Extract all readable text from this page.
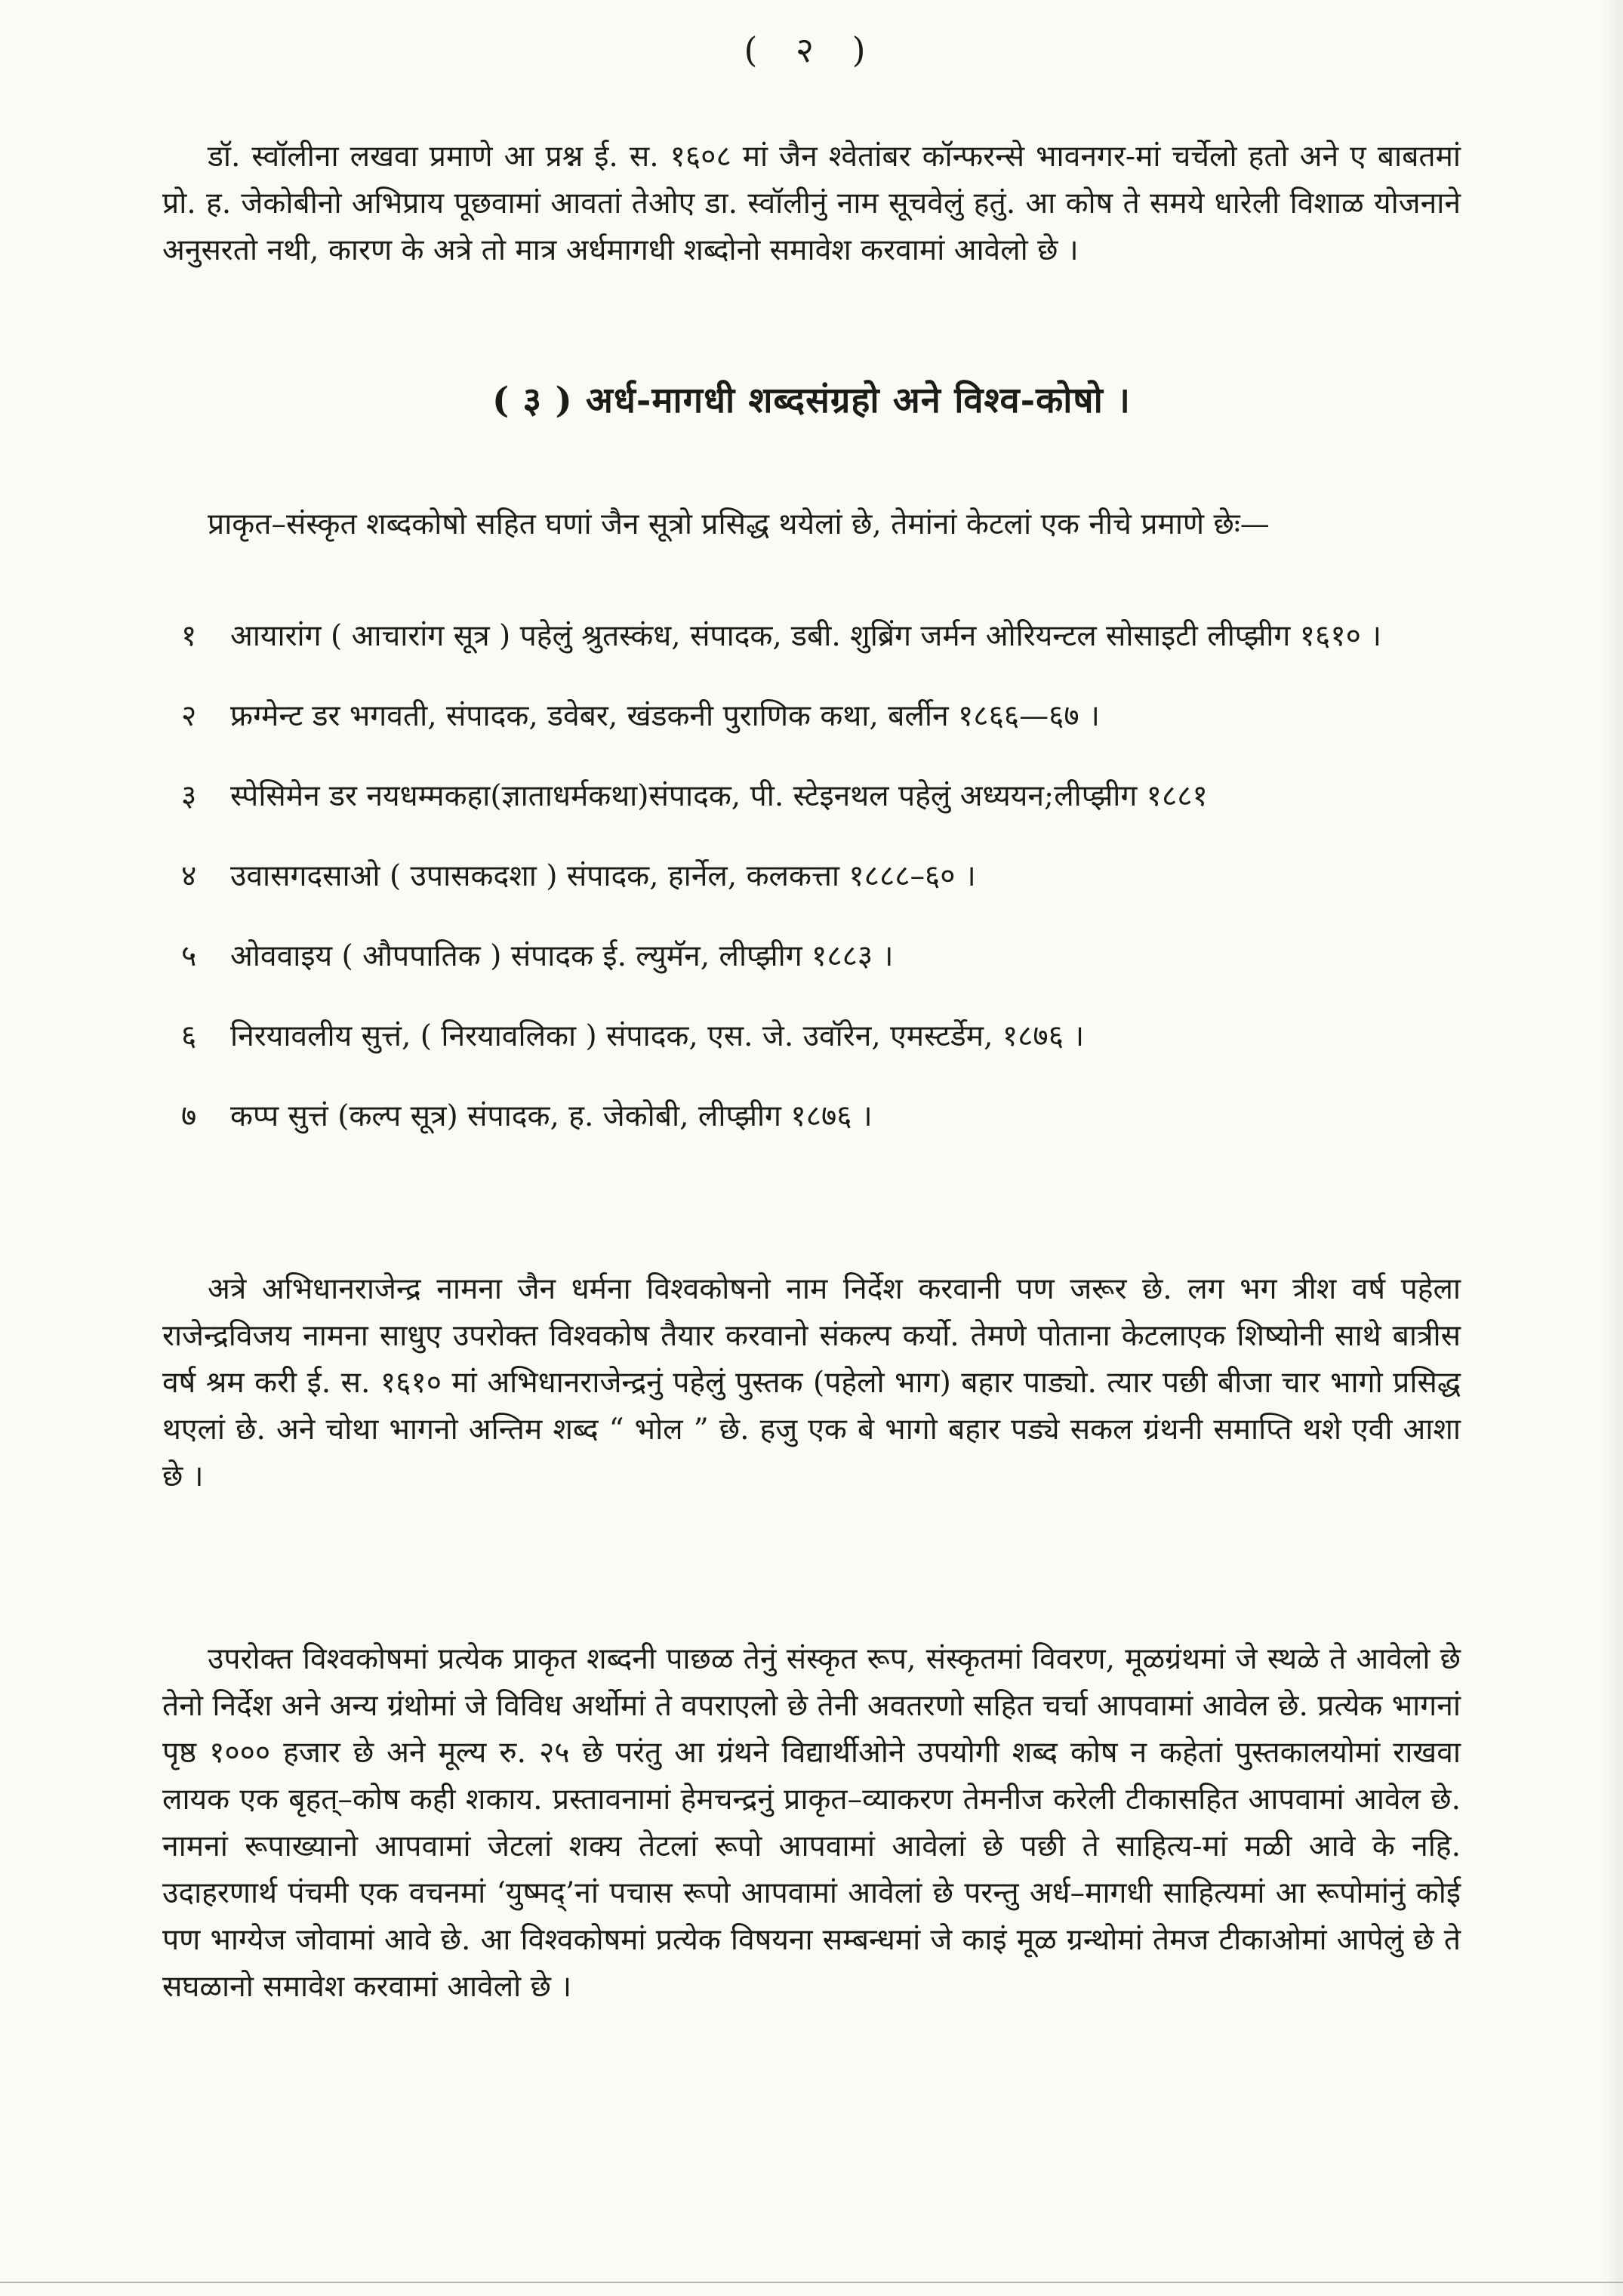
( २ )

डॉ. स्वॉलीना लखवा प्रमाणे आ प्रश्न ई. स. १६०८ मां जैन श्वेतांबर कॉन्फरन्से भावनगर-मां चर्चेलो हतो अने ए बाबतमां प्रो. ह. जेकोबीनो अभिप्राय पूछवामां आवतां तेओए डा. स्वॉलीनुं नाम सूचवेलुं हतुं. आ कोष ते समये धारेली विशाळ योजनाने अनुसरतो नथी, कारण के अत्रे तो मात्र अर्धमागधी शब्दोनो समावेश करवामां आवेलो छे ।

( ३ ) अर्ध-मागधी शब्दसंग्रहो अने विश्व-कोषो ।

प्राकृत–संस्कृत शब्दकोषो सहित घणां जैन सूत्रो प्रसिद्ध थयेलां छे, तेमांनां केटलां एक नीचे प्रमाणे छेः—

१ आयारांग ( आचारांग सूत्र ) पहेलुं श्रुतस्कंध, संपादक, डबी. शुब्रिंग जर्मन ओरियन्टल सोसाइटी लीप्झीग १६१० ।
२ फ्रग्मेन्ट डर भगवती, संपादक, डवेबर, खंडकनी पुराणिक कथा, बर्लीन १८६६—६७ ।
३ स्पेसिमेन डर नयधम्मकहा(ज्ञाताधर्मकथा)संपादक, पी. स्टेइनथल पहेलुं अध्ययन;लीप्झीग १८८१
४ उवासगदसाओ ( उपासकदशा ) संपादक, हार्नेल, कलकत्ता १८८८–६० ।
५ ओववाइय ( औपपातिक ) संपादक ई. ल्युमॅन, लीप्झीग १८८३ ।
६ निरयावलीय सुत्तं, ( निरयावलिका ) संपादक, एस. जे. उवॉरेन, एमस्टर्डेम, १८७६ ।
७ कप्प सुत्तं (कल्प सूत्र) संपादक, ह. जेकोबी, लीप्झीग १८७६ ।

अत्रे अभिधानराजेन्द्र नामना जैन धर्मना विश्वकोषनो नाम निर्देश करवानी पण जरूर छे. लग भग त्रीश वर्ष पहेला राजेन्द्रविजय नामना साधुए उपरोक्त विश्वकोष तैयार करवानो संकल्प कर्यो. तेमणे पोताना केटलाएक शिष्योनी साथे बात्रीस वर्ष श्रम करी ई. स. १६१० मां अभिधानराजेन्द्रनुं पहेलुं पुस्तक (पहेलो भाग) बहार पाड्यो. त्यार पछी बीजा चार भागो प्रसिद्ध थएलां छे. अने चोथा भागनो अन्तिम शब्द “ भोल ” छे. हजु एक बे भागो बहार पड्ये सकल ग्रंथनी समाप्ति थशे एवी आशा छे ।

उपरोक्त विश्वकोषमां प्रत्येक प्राकृत शब्दनी पाछळ तेनुं संस्कृत रूप, संस्कृतमां विवरण, मूळग्रंथमां जे स्थळे ते आवेलो छे तेनो निर्देश अने अन्य ग्रंथोमां जे विविध अर्थोमां ते वपराएलो छे तेनी अवतरणो सहित चर्चा आपवामां आवेल छे. प्रत्येक भागनां पृष्ठ १००० हजार छे अने मूल्य रु. २५ छे परंतु आ ग्रंथने विद्यार्थीओने उपयोगी शब्द कोष न कहेतां पुस्तकालयोमां राखवा लायक एक बृहत्–कोष कही शकाय. प्रस्तावनामां हेमचन्द्रनुं प्राकृत–व्याकरण तेमनीज करेली टीकासहित आपवामां आवेल छे. नामनां रूपाख्यानो आपवामां जेटलां शक्य तेटलां रूपो आपवामां आवेलां छे पछी ते साहित्य-मां मळी आवे के नहि. उदाहरणार्थ पंचमी एक वचनमां ‘युष्मद्’नां पचास रूपो आपवामां आवेलां छे परन्तु अर्ध–मागधी साहित्यमां आ रूपोमांनुं कोई पण भाग्येज जोवामां आवे छे. आ विश्वकोषमां प्रत्येक विषयना सम्बन्धमां जे काइं मूळ ग्रन्थोमां तेमज टीकाओमां आपेलुं छे ते सघळानो समावेश करवामां आवेलो छे ।
